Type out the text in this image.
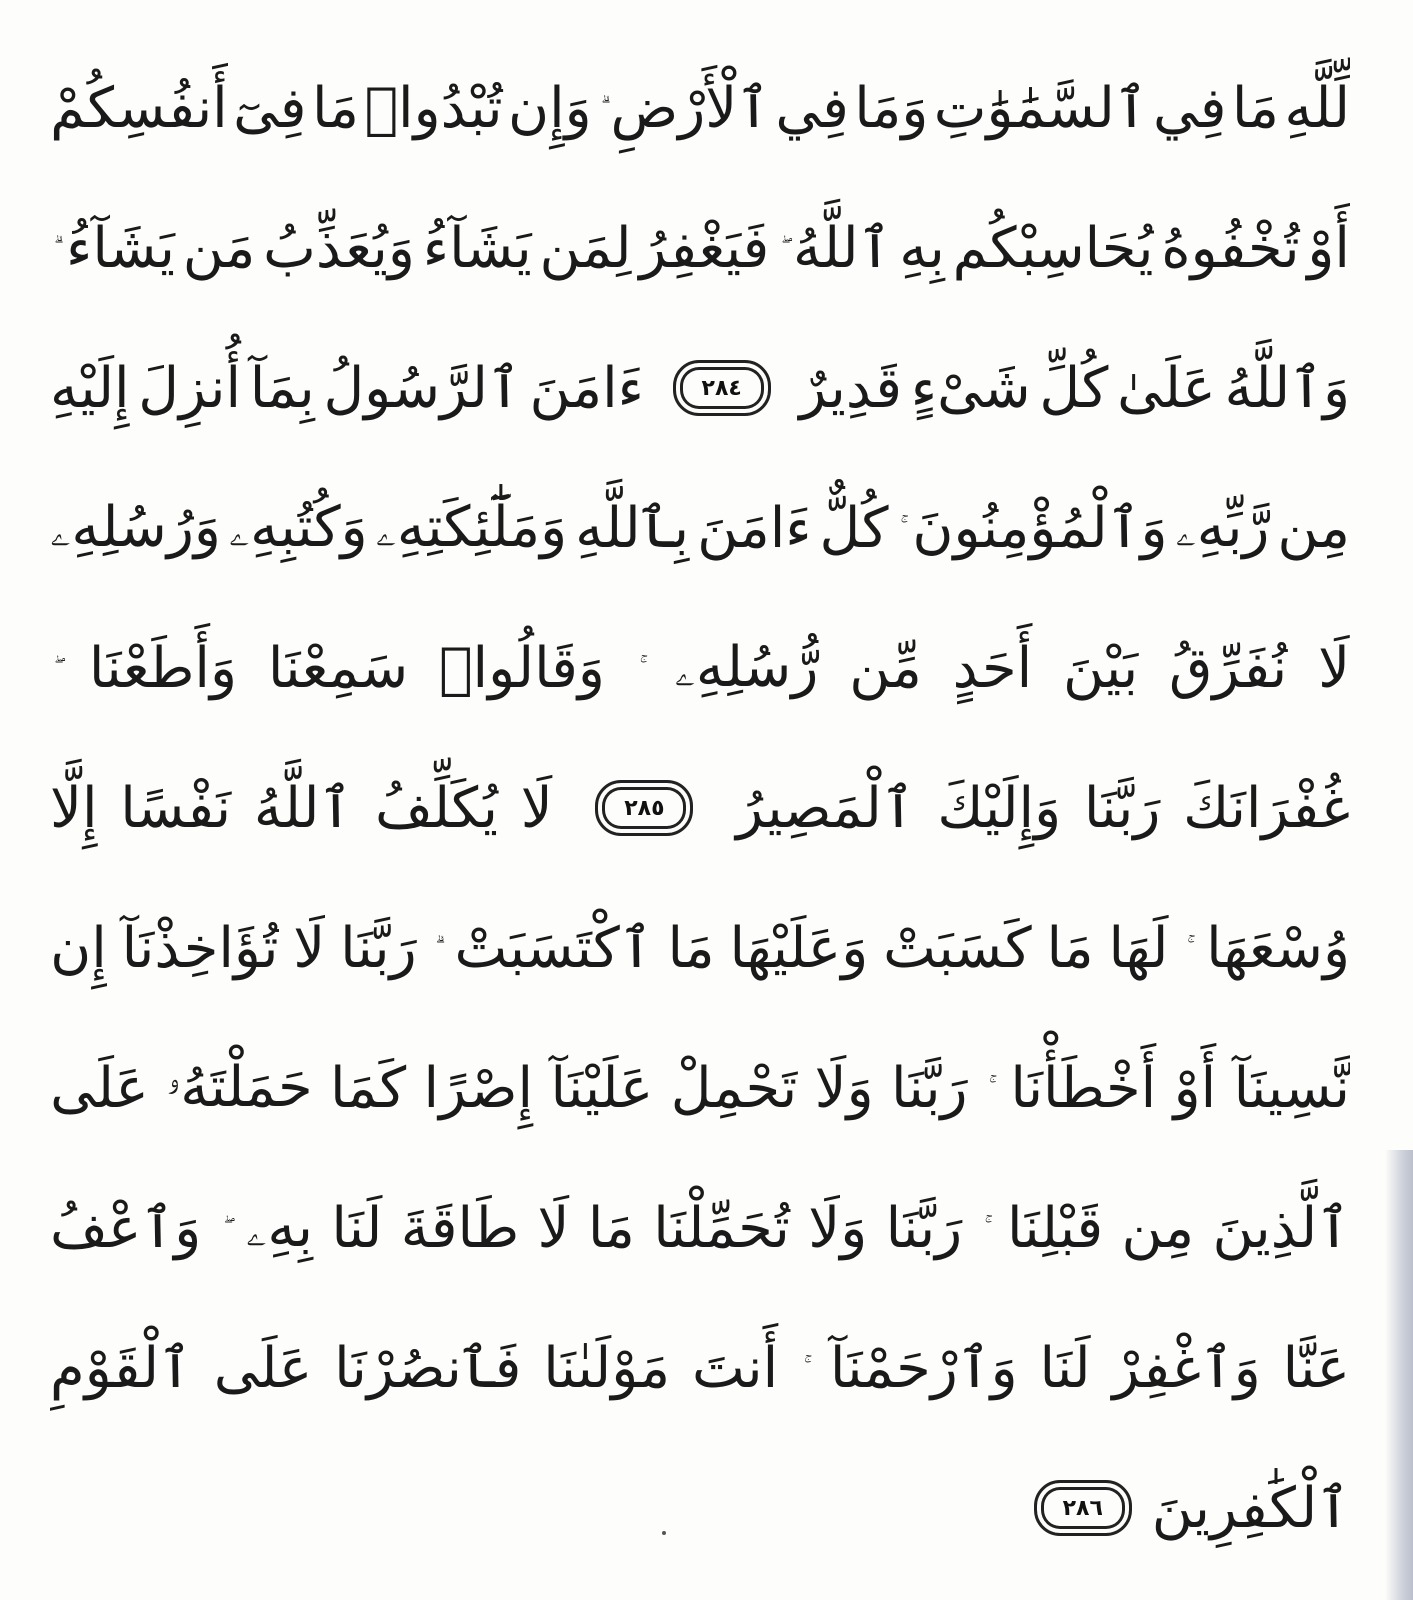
لِّلَّهِ
مَا
فِي
ٱلسَّمَٰوَٰتِ
وَمَا
فِي
ٱلْأَرْضِ
وَإِن
تُبْدُوا۟
مَا
فِىٓ
أَنفُسِكُمْ
أَوْ
تُخْفُوهُ
يُحَاسِبْكُم
بِهِ
ٱللَّهُ
فَيَغْفِرُ
لِمَن
يَشَآءُ
وَيُعَذِّبُ
مَن
يَشَآءُ
وَٱللَّهُ
عَلَىٰ
كُلِّ
شَىْءٍ
قَدِيرٌ
٢٨٤
ءَامَنَ
ٱلرَّسُولُ
بِمَآ
أُنزِلَ
إِلَيْهِ
مِن
رَّبِّهِۦ
وَٱلْمُؤْمِنُونَ
كُلٌّ
ءَامَنَ
بِٱللَّهِ
وَمَلَٰٓئِكَتِهِۦ
وَكُتُبِهِۦ
وَرُسُلِهِۦ
لَا
نُفَرِّقُ
بَيْنَ
أَحَدٍ
مِّن
رُّسُلِهِۦ
وَقَالُوا۟
سَمِعْنَا
وَأَطَعْنَا
غُفْرَانَكَ
رَبَّنَا
وَإِلَيْكَ
ٱلْمَصِيرُ
٢٨٥
لَا
يُكَلِّفُ
ٱللَّهُ
نَفْسًا
إِلَّا
وُسْعَهَا
لَهَا
مَا
كَسَبَتْ
وَعَلَيْهَا
مَا
ٱكْتَسَبَتْ
رَبَّنَا
لَا
تُؤَاخِذْنَآ
إِن
نَّسِينَآ
أَوْ
أَخْطَأْنَا
رَبَّنَا
وَلَا
تَحْمِلْ
عَلَيْنَآ
إِصْرًا
كَمَا
حَمَلْتَهُۥ
عَلَى
ٱلَّذِينَ
مِن
قَبْلِنَا
رَبَّنَا
وَلَا
تُحَمِّلْنَا
مَا
لَا
طَاقَةَ
لَنَا
بِهِۦ
وَٱعْفُ
عَنَّا
وَٱغْفِرْ
لَنَا
وَٱرْحَمْنَآ
أَنتَ
مَوْلَىٰنَا
فَٱنصُرْنَا
عَلَى
ٱلْقَوْمِ
ٱلْكَٰفِرِينَ
٢٨٦
